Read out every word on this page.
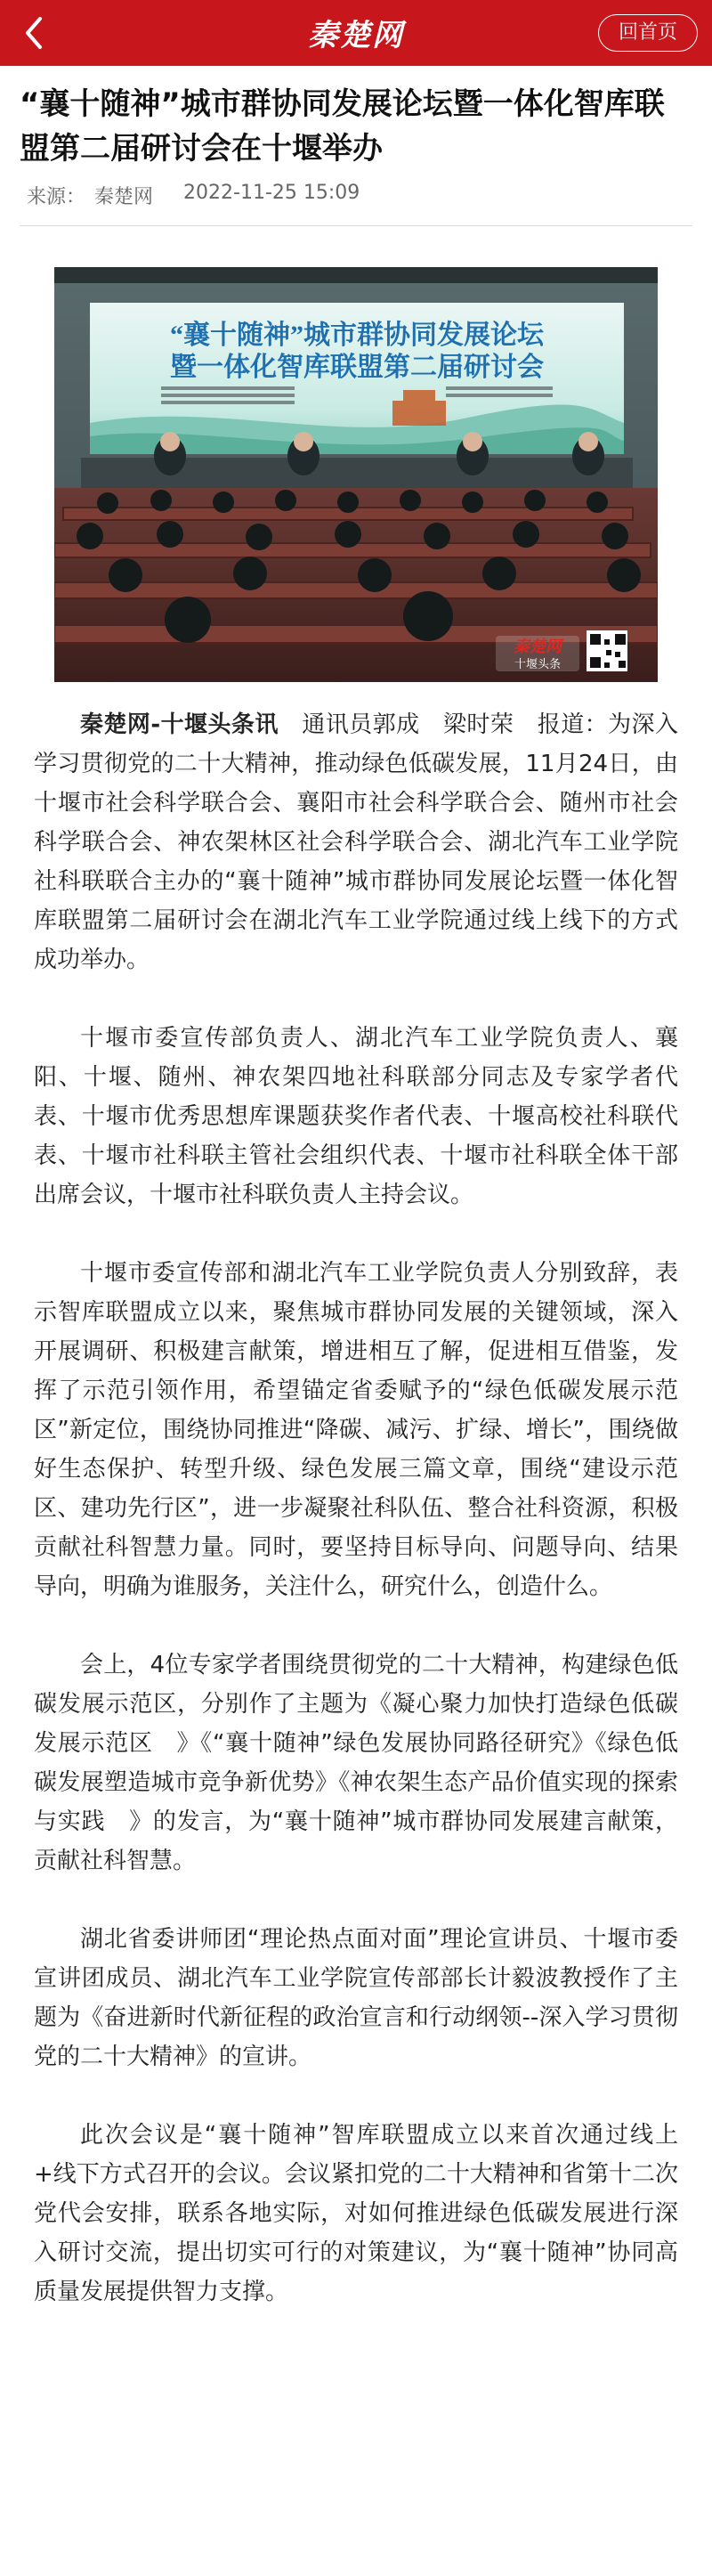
秦楚网	回首页
“襄十随神”城市群协同发展论坛暨一体化智库联盟第二届研讨会在十堰举办
来源： 秦楚网 2022-11-25 15:09
“襄十随神”城市群协同发展论坛
暨一体化智库联盟第二届研讨会
秦楚网
十堰头条

秦楚网-十堰头条讯　 通讯员郭成　梁时荣　报道：为深入学习贯彻党的二十大精神，推动绿色低碳发展，11月24日，由十堰市社会科学联合会、襄阳市社会科学联合会、随州市社会科学联合会、神农架林区社会科学联合会、湖北汽车工业学院社科联联合主办的“襄十随神”城市群协同发展论坛暨一体化智库联盟第二届研讨会在湖北汽车工业学院通过线上线下的方式成功举办。

十堰市委宣传部负责人、湖北汽车工业学院负责人、襄阳、十堰、随州、神农架四地社科联部分同志及专家学者代表、十堰市优秀思想库课题获奖作者代表、十堰高校社科联代表、十堰市社科联主管社会组织代表、十堰市社科联全体干部出席会议，十堰市社科联负责人主持会议。

十堰市委宣传部和湖北汽车工业学院负责人分别致辞，表示智库联盟成立以来，聚焦城市群协同发展的关键领域，深入开展调研、积极建言献策，增进相互了解，促进相互借鉴，发挥了示范引领作用，希望锚定省委赋予的“绿色低碳发展示范区”新定位，围绕协同推进“降碳、减污、扩绿、增长”，围绕做好生态保护、转型升级、绿色发展三篇文章，围绕“建设示范区、建功先行区”，进一步凝聚社科队伍、整合社科资源，积极贡献社科智慧力量。同时，要坚持目标导向、问题导向、结果导向，明确为谁服务，关注什么，研究什么，创造什么。

会上，4位专家学者围绕贯彻党的二十大精神，构建绿色低碳发展示范区，分别作了主题为《凝心聚力加快打造绿色低碳发展示范区　》《“襄十随神”绿色发展协同路径研究》《绿色低碳发展塑造城市竞争新优势》《神农架生态产品价值实现的探索与实践　》的发言，为“襄十随神”城市群协同发展建言献策，贡献社科智慧。

湖北省委讲师团“理论热点面对面”理论宣讲员、十堰市委宣讲团成员、湖北汽车工业学院宣传部部长计毅波教授作了主题为《奋进新时代新征程的政治宣言和行动纲领--深入学习贯彻党的二十大精神》的宣讲。

此次会议是“襄十随神”智库联盟成立以来首次通过线上+线下方式召开的会议。会议紧扣党的二十大精神和省第十二次党代会安排，联系各地实际，对如何推进绿色低碳发展进行深入研讨交流，提出切实可行的对策建议，为“襄十随神”协同高质量发展提供智力支撑。
